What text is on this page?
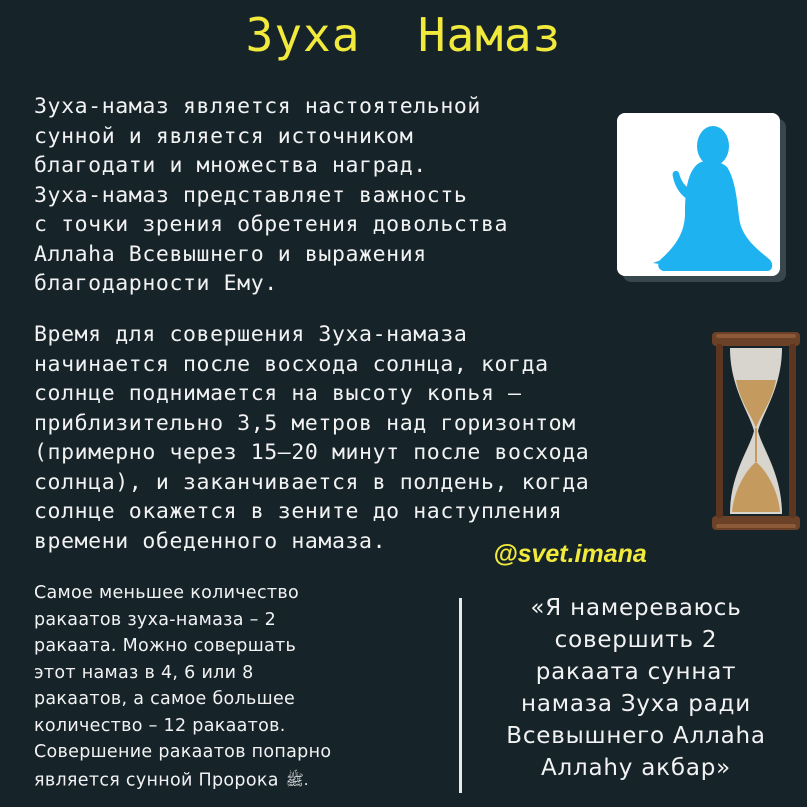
Зуха  Намаз

Зуха-намаз является настоятельной
сунной и является источником
благодати и множества наград.
Зуха-намаз представляет важность
с точки зрения обретения довольства
Аллаhа Всевышнего и выражения
благодарности Ему.

Время для совершения Зуха-намаза
начинается после восхода солнца, когда
солнце поднимается на высоту копья –
приблизительно 3,5 метров над горизонтом
(примерно через 15–20 минут после восхода
солнца), и заканчивается в полдень, когда
солнце окажется в зените до наступления
времени обеденного намаза.	@svet.imana

Самое меньшее количество
ракаатов зуха-намаза – 2
ракаата. Можно совершать
этот намаз в 4, 6 или 8
ракаатов, а самое большее
количество – 12 ракаатов.
Совершение ракаатов попарно
является сунной Пророка ﷺ.

«Я намереваюсь
совершить 2
ракаата суннат
намаза Зуха ради
Всевышнего Аллаhа
Аллаhу акбар»
